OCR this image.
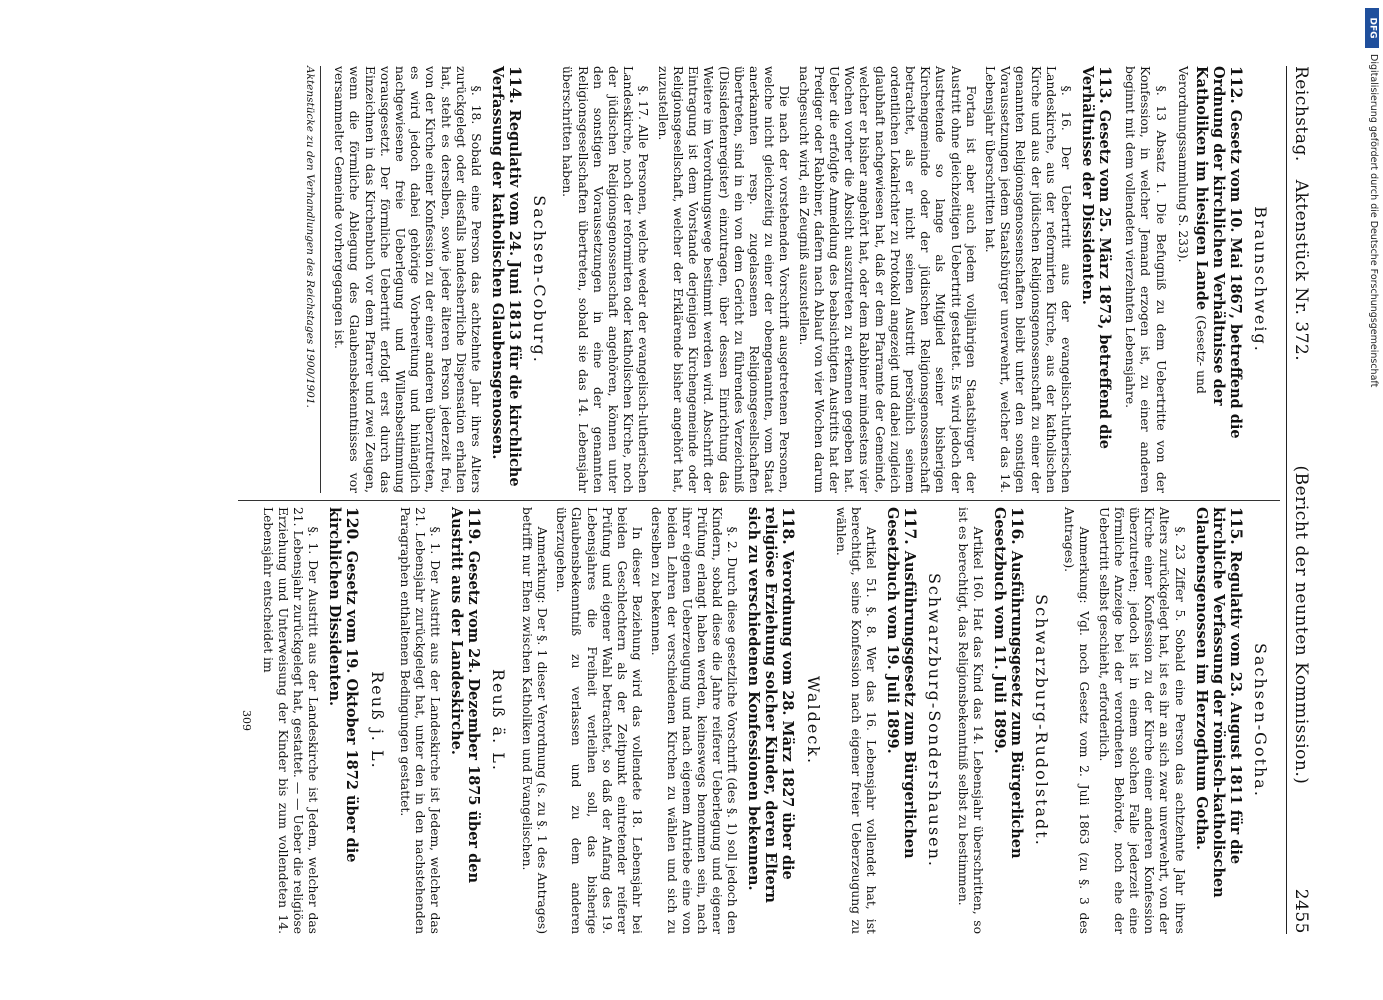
Reichstag.
Aktenstück Nr. 372.
(Bericht der neunten Kommission.)
2455
Braunschweig.
112.Gesetz vom 10. Mai 1867, betreffend die Ordnung der kirchlichen Verhältnisse der Katholiken im hiesigen Lande (Gesetz- und Verordnungssammlung S. 233).

§. 13 Absatz 1. Die Befugniß zu dem Uebertritte von der Konfession, in welcher Jemand erzogen ist, zu einer anderen beginnt mit dem vollendeten vierzehnten Lebensjahre.

113.Gesetz vom 25. März 1873, betreffend die Verhältnisse der Dissidenten.

§. 16. Der Uebertritt aus der evangelisch-lutherischen Landeskirche, aus der reformirten Kirche, aus der katholischen Kirche und aus der jüdischen Religionsgenossenschaft zu einer der genannten Religionsgenossenschaften bleibt unter den sonstigen Voraussetzungen jedem Staatsbürger unverwehrt, welcher das 14. Lebensjahr überschritten hat.

Fortan ist aber auch jedem volljährigen Staatsbürger der Austritt ohne gleichzeitigen Uebertritt gestattet. Es wird jedoch der Austretende so lange als Mitglied seiner bisherigen Kirchengemeinde oder der jüdischen Religionsgenossenschaft betrachtet, als er nicht seinen Austritt persönlich seinem ordentlichen Lokalrichter zu Protokoll angezeigt und dabei zugleich glaubhaft nachgewiesen hat, daß er dem Pfarramte der Gemeinde, welcher er bisher angehört hat, oder dem Rabbiner mindestens vier Wochen vorher die Absicht auszutreten zu erkennen gegeben hat. Ueber die erfolgte Anmeldung des beabsichtigten Austritts hat der Prediger oder Rabbiner, dafern nach Ablauf von vier Wochen darum nachgesucht wird, ein Zeugniß auszustellen.

Die nach der vorstehenden Vorschrift ausgetretenen Personen, welche nicht gleichzeitig zu einer der obengenannten, vom Staat anerkannten resp. zugelassenen Religionsgesellschaften übertreten, sind in ein von dem Gericht zu führendes Verzeichniß (Dissidentenregister) einzutragen, über dessen Einrichtung das Weitere im Verordnungswege bestimmt werden wird. Abschrift der Eintragung ist dem Vorstande derjenigen Kirchengemeinde oder Religionsgesellschaft, welcher der Erklärende bisher angehört hat, zuzustellen.

§. 17. Alle Personen, welche weder der evangelisch-lutherischen Landeskirche, noch der reformirten oder katholischen Kirche, noch der jüdischen Religionsgenossenschaft angehören, können unter den sonstigen Voraussetzungen in eine der genannten Religionsgesellschaften übertreten, sobald sie das 14. Lebensjahr überschritten haben.

Sachsen-Coburg.
114.Regulativ vom 24. Juni 1813 für die kirchliche Verfassung der katholischen Glaubensgenossen.

§. 18. Sobald eine Person das achtzehnte Jahr ihres Alters zurückgelegt oder diesfalls landesherrliche Dispensation erhalten hat, steht es derselben, sowie jeder älteren Person jederzeit frei, von der Kirche einer Konfession zu der einer anderen überzutreten, es wird jedoch dabei gehörige Vorbereitung und hinlänglich nachgewiesene freie Ueberlegung und Willensbestimmung vorausgesetzt. Der förmliche Uebertritt erfolgt erst durch das Einzeichnen in das Kirchenbuch vor dem Pfarrer und zwei Zeugen, wenn die förmliche Ablegung des Glaubensbekenntnisses vor versammelter Gemeinde vorhergegangen ist.

Aktenstücke zu den Verhandlungen des Reichstages 1900/1901.
Sachsen-Gotha.
115.Regulativ vom 23. August 1811 für die kirchliche Verfassung der römisch-katholischen Glaubensgenossen im Herzogthum Gotha.

§. 23 Ziffer 5. Sobald eine Person das achtzehnte Jahr ihres Alters zurückgelegt hat, ist es ihr an sich zwar unverwehrt, von der Kirche einer Konfession zu der Kirche einer anderen Konfession überzutreten; jedoch ist in einem solchen Falle jederzeit eine förmliche Anzeige bei der verordneten Behörde, noch ehe der Uebertritt selbst geschieht, erforderlich.

Anmerkung: Vgl. noch Gesetz vom 2. Juli 1863 (zu §. 3 des Antrages).

Schwarzburg-Rudolstadt.
116.Ausführungsgesetz zum Bürgerlichen Gesetzbuch vom 11. Juli 1899.

Artikel 160. Hat das Kind das 14. Lebensjahr überschritten, so ist es berechtigt, das Religionsbekenntniß selbst zu bestimmen.

Schwarzburg-Sondershausen.
117.Ausführungsgesetz zum Bürgerlichen Gesetzbuch vom 19. Juli 1899.

Artikel 51. §. 8. Wer das 16. Lebensjahr vollendet hat, ist berechtigt, seine Konfession nach eigener freier Ueberzeugung zu wählen.

Waldeck.
118.Verordnung vom 28. März 1827 über die religiöse Erziehung solcher Kinder, deren Eltern sich zu verschiedenen Konfessionen bekennen.

§. 2. Durch diese gesetzliche Vorschrift (des §. 1) soll jedoch den Kindern, sobald diese die Jahre reiferer Ueberlegung und eigener Prüfung erlangt haben werden, keineswegs benommen sein, nach ihrer eigenen Ueberzeugung und nach eigenem Antriebe eine von beiden Lehren der verschiedenen Kirchen zu wählen und sich zu derselben zu bekennen.

In dieser Beziehung wird das vollendete 18. Lebensjahr bei beiden Geschlechtern als der Zeitpunkt eintretender reiferer Prüfung und eigener Wahl betrachtet, so daß der Anfang des 19. Lebensjahres die Freiheit verleihen soll, das bisherige Glaubensbekenntniß zu verlassen und zu dem anderen überzugehen.

Anmerkung: Der §. 1 dieser Verordnung (s. zu §. 1 des Antrages) betrifft nur Ehen zwischen Katholiken und Evangelischen.

Reuß ä. L.
119.Gesetz vom 24. Dezember 1875 über den Austritt aus der Landeskirche.

§. 1. Der Austritt aus der Landeskirche ist Jedem, welcher das 21. Lebensjahr zurückgelegt hat, unter den in den nachstehenden Paragraphen enthaltenen Bedingungen gestattet.

Reuß j. L.
120.Gesetz vom 19. Oktober 1872 über die kirchlichen Dissidenten.

§. 1. Der Austritt aus der Landeskirche ist Jedem, welcher das 21. Lebensjahr zurückgelegt hat, gestattet. — — Ueber die religiöse Erziehung und Unterweisung der Kinder bis zum vollendeten 14. Lebensjahr entscheidet im

309
DFG
Digitalisierung gefördert durch die Deutsche Forschungsgemeinschaft
